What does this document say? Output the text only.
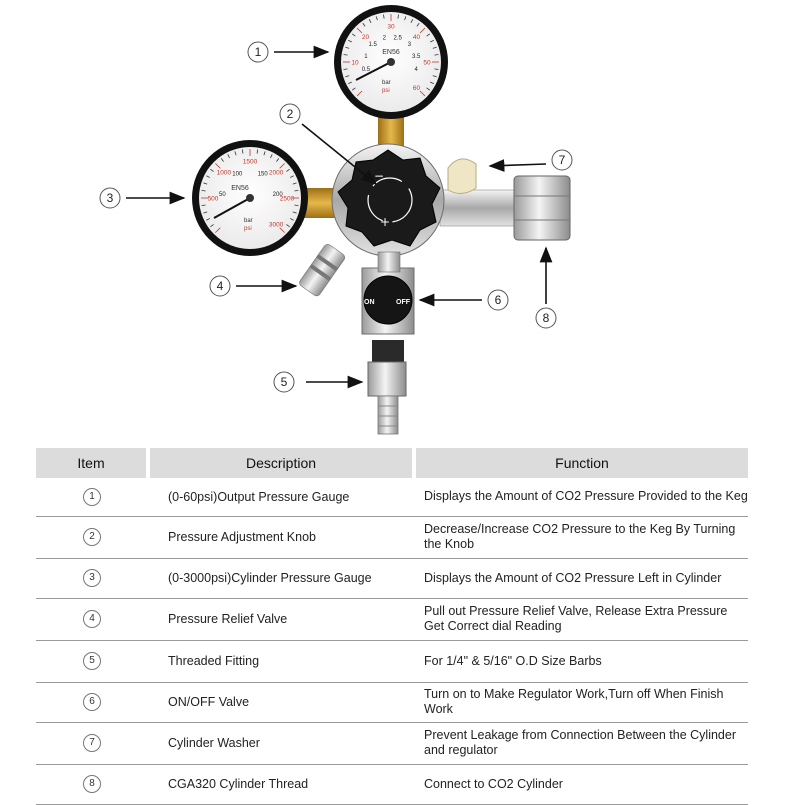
−
+
ON	OFF
EN56
bar
psi
10
20
30
40
50
60
0.5
1
1.5
2 2.5
3
3.5
4
EN56
bar
psi
500
1000
1500
2000
2500
3000
50
100	150
200
1
2
3
4
5
6
7
8
Item	Description	Function
1	(0-60psi)Output Pressure Gauge	Displays the Amount of CO2 Pressure Provided to the Keg
2	Pressure Adjustment Knob	Decrease/Increase CO2 Pressure to the Keg By Turning the Knob
3	(0-3000psi)Cylinder Pressure Gauge	Displays the Amount of CO2 Pressure Left in Cylinder
4	Pressure Relief Valve	Pull out Pressure Relief Valve, Release Extra Pressure Get Correct dial Reading
5	Threaded Fitting	For 1/4" & 5/16" O.D Size Barbs
6	ON/OFF Valve	Turn on to Make Regulator Work,Turn off When Finish Work
7	Cylinder Washer	Prevent Leakage from Connection Between the Cylinder and regulator
8	CGA320 Cylinder Thread	Connect to CO2 Cylinder
